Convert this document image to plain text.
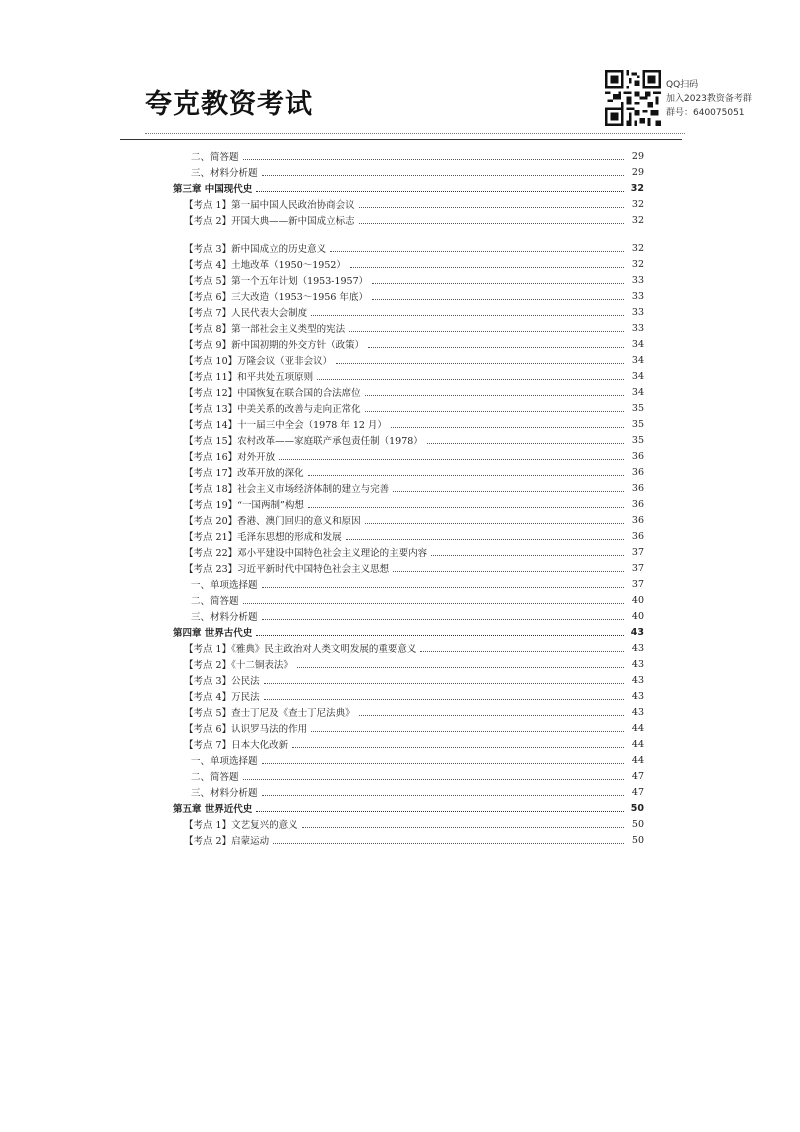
夸克教资考试
QQ扫码
加入2023教资备考群
群号：640075051
二、简答题	29
三、材料分析题	29
第三章 中国现代史	32
【考点 1】第一届中国人民政治协商会议	32
【考点 2】开国大典——新中国成立标志	32
【考点 3】新中国成立的历史意义	32
【考点 4】土地改革（1950～1952）	32
【考点 5】第一个五年计划（1953-1957）	33
【考点 6】三大改造（1953～1956 年底）	33
【考点 7】人民代表大会制度	33
【考点 8】第一部社会主义类型的宪法	33
【考点 9】新中国初期的外交方针（政策）	34
【考点 10】万隆会议（亚非会议）	34
【考点 11】和平共处五项原则	34
【考点 12】中国恢复在联合国的合法席位	34
【考点 13】中美关系的改善与走向正常化	35
【考点 14】十一届三中全会（1978 年 12 月）	35
【考点 15】农村改革——家庭联产承包责任制（1978）	35
【考点 16】对外开放	36
【考点 17】改革开放的深化	36
【考点 18】社会主义市场经济体制的建立与完善	36
【考点 19】“一国两制”构想	36
【考点 20】香港、澳门回归的意义和原因	36
【考点 21】毛泽东思想的形成和发展	36
【考点 22】邓小平建设中国特色社会主义理论的主要内容	37
【考点 23】习近平新时代中国特色社会主义思想	37
一、单项选择题	37
二、简答题	40
三、材料分析题	40
第四章 世界古代史	43
【考点 1】《雅典》民主政治对人类文明发展的重要意义	43
【考点 2】《十二铜表法》	43
【考点 3】公民法	43
【考点 4】万民法	43
【考点 5】查士丁尼及《查士丁尼法典》	43
【考点 6】认识罗马法的作用	44
【考点 7】日本大化改新	44
一、单项选择题	44
二、简答题	47
三、材料分析题	47
第五章 世界近代史	50
【考点 1】文艺复兴的意义	50
【考点 2】启蒙运动	50
